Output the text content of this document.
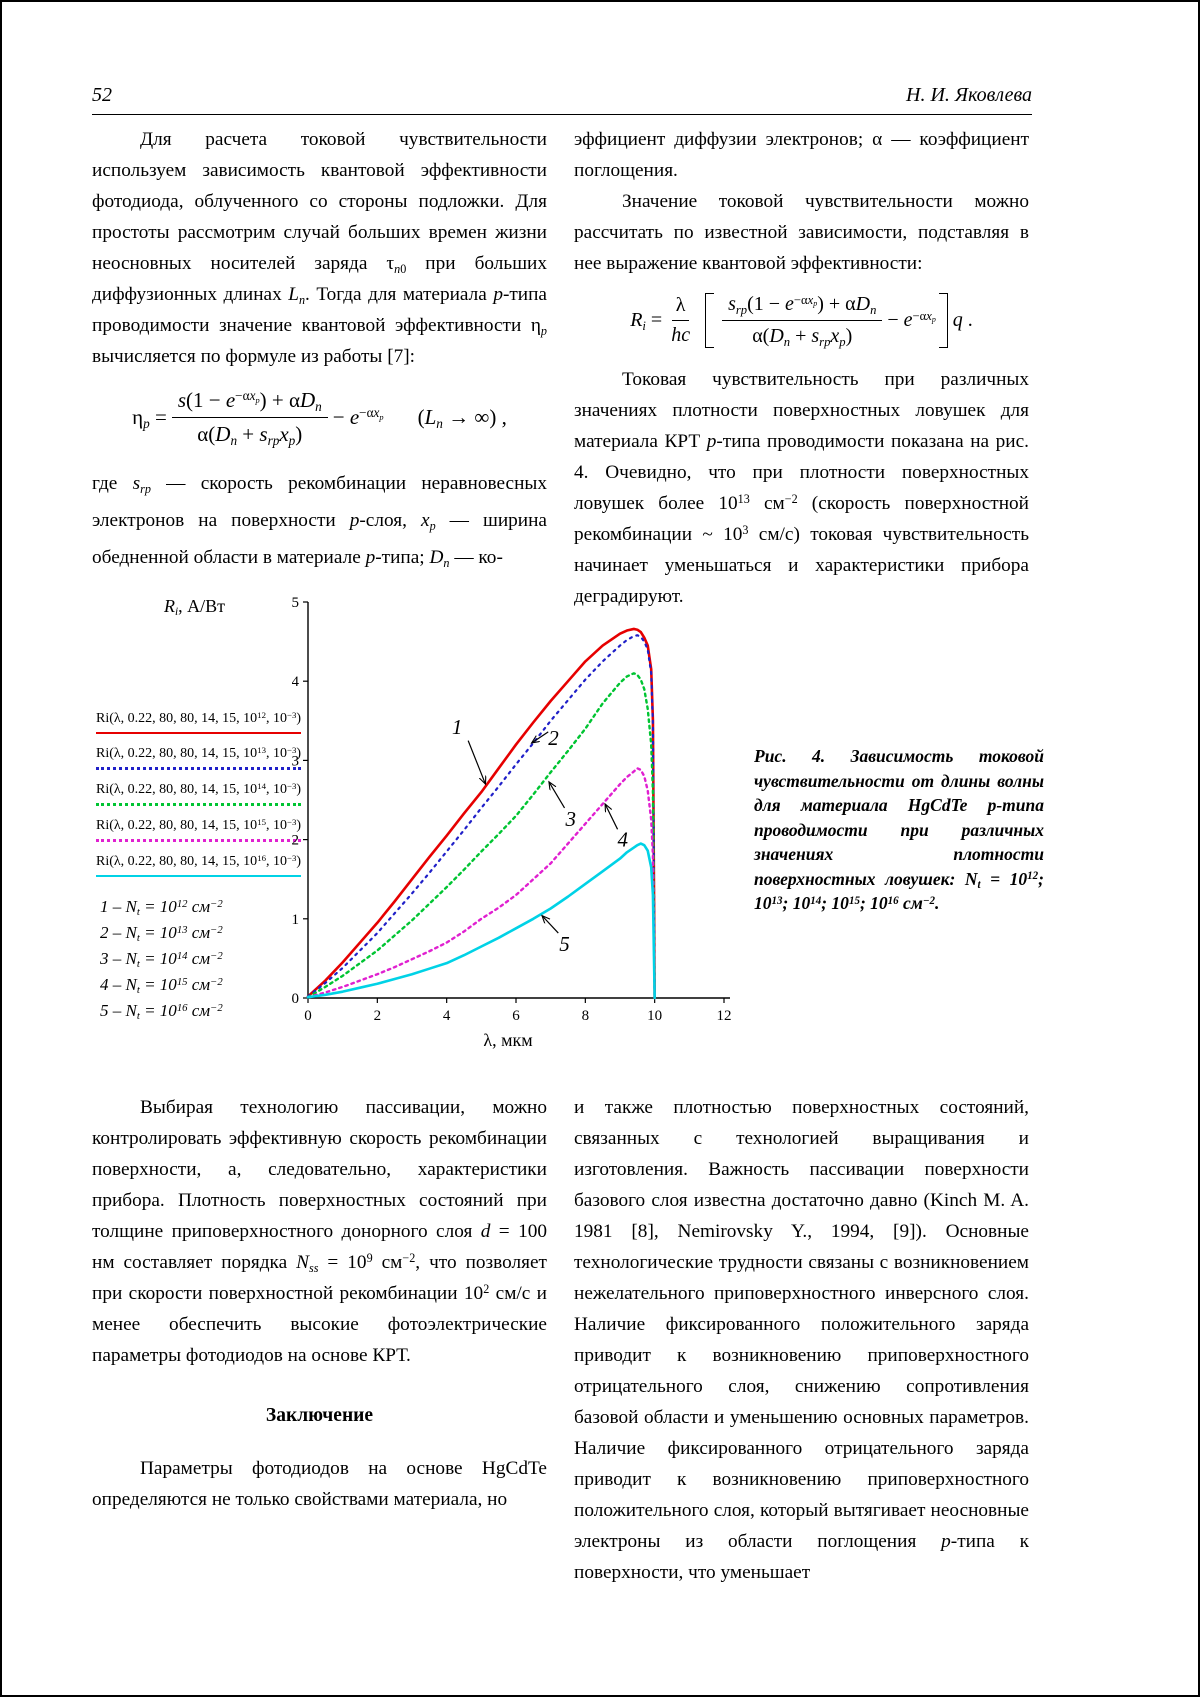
52	Н. И. Яковлева

Для расчета токовой чувствительности используем зависимость квантовой эффективности фотодиода, облученного со стороны подложки. Для простоты рассмотрим случай больших времен жизни неосновных носителей заряда $\tau_{n0}$ при больших диффузионных длинах $L_n$. Тогда для материала p-типа проводимости значение квантовой эффективности $\eta_p$ вычисляется по формуле из работы [7]:

$\eta_p = \frac{s(1 - e^{-\alpha x_p}) + \alpha D_n}{\alpha(D_n + s_{rp}x_p)} - e^{-\alpha x_p}$ ($L_n$ → ∞) ,

где $s_{rp}$ — скорость рекомбинации неравновесных электронов на поверхности p-слоя, $x_p$ — ширина обедненной области в материале p-типа; $D_n$ — ко-

эффициент диффузии электронов; α — коэффициент поглощения.

Значение токовой чувствительности можно рассчитать по известной зависимости, подставляя в нее выражение квантовой эффективности:

$R_i = \frac{\lambda}{hc} \frac{s_{rp}(1 - e^{-\alpha x_p}) + \alpha D_n}{\alpha(D_n + s_{rp}x_p)} - e^{-\alpha x_p}$ q .

Токовая чувствительность при различных значениях плотности поверхностных ловушек для материала КРТ p-типа проводимости показана на рис. 4. Очевидно, что при плотности поверхностных ловушек более $10^{13}$ $см^{-2}$ (скорость поверхностной рекомбинации ~ $10^3$ см/с) токовая чувствительность начинает уменьшаться и характеристики прибора деградируют.

$R_i$, А/Вт
Ri(λ, 0.22, 80, 80, 14, 15, $10^{12}$, $10^{-3}$)
Ri(λ, 0.22, 80, 80, 14, 15, $10^{13}$, $10^{-3}$)
Ri(λ, 0.22, 80, 80, 14, 15, $10^{14}$, $10^{-3}$)
Ri(λ, 0.22, 80, 80, 14, 15, $10^{15}$, $10^{-3}$)
Ri(λ, 0.22, 80, 80, 14, 15, $10^{16}$, $10^{-3}$)
$1 - N_t = 10^{12}$ $см^{-2}$
$2 - N_t = 10^{13}$ $см^{-2}$
$3 - N_t = 10^{14}$ $см^{-2}$
$4 - N_t = 10^{15}$ $см^{-2}$
$5 - N_t = 10^{16}$ $см^{-2}$
0
1
2
3
4
5
0	2	4	6	8	10	12
1	2
3
4
5
λ, мкм
Рис. 4. Зависимость токовой чувствительности от длины волны для материала HgCdTe p-типа проводимости при различных значениях плотности поверхностных ловушек: $N_t = 10^{12}$; $10^{13}$; $10^{14}$; $10^{15}$; $10^{16}$ $см^{-2}$.

Выбирая технологию пассивации, можно контролировать эффективную скорость рекомбинации поверхности, а, следовательно, характеристики прибора. Плотность поверхностных состояний при толщине приповерхностного донорного слоя d = 100 нм составляет порядка $N_{ss} = 10^9$ $см^{-2}$, что позволяет при скорости поверхностной рекомбинации $10^2$ см/с и менее обеспечить высокие фотоэлектрические параметры фотодиодов на основе КРТ.

Заключение

Параметры фотодиодов на основе HgCdTe определяются не только свойствами материала, но

и также плотностью поверхностных состояний, связанных с технологией выращивания и изготовления. Важность пассивации поверхности базового слоя известна достаточно давно (Kinch M. A. 1981 [8], Nemirovsky Y., 1994, [9]). Основные технологические трудности связаны с возникновением нежелательного приповерхностного инверсного слоя. Наличие фиксированного положительного заряда приводит к возникновению приповерхностного отрицательного слоя, снижению сопротивления базовой области и уменьшению основных параметров. Наличие фиксированного отрицательного заряда приводит к возникновению приповерхностного положительного слоя, который вытягивает неосновные электроны из области поглощения p-типа к поверхности, что уменьшает
